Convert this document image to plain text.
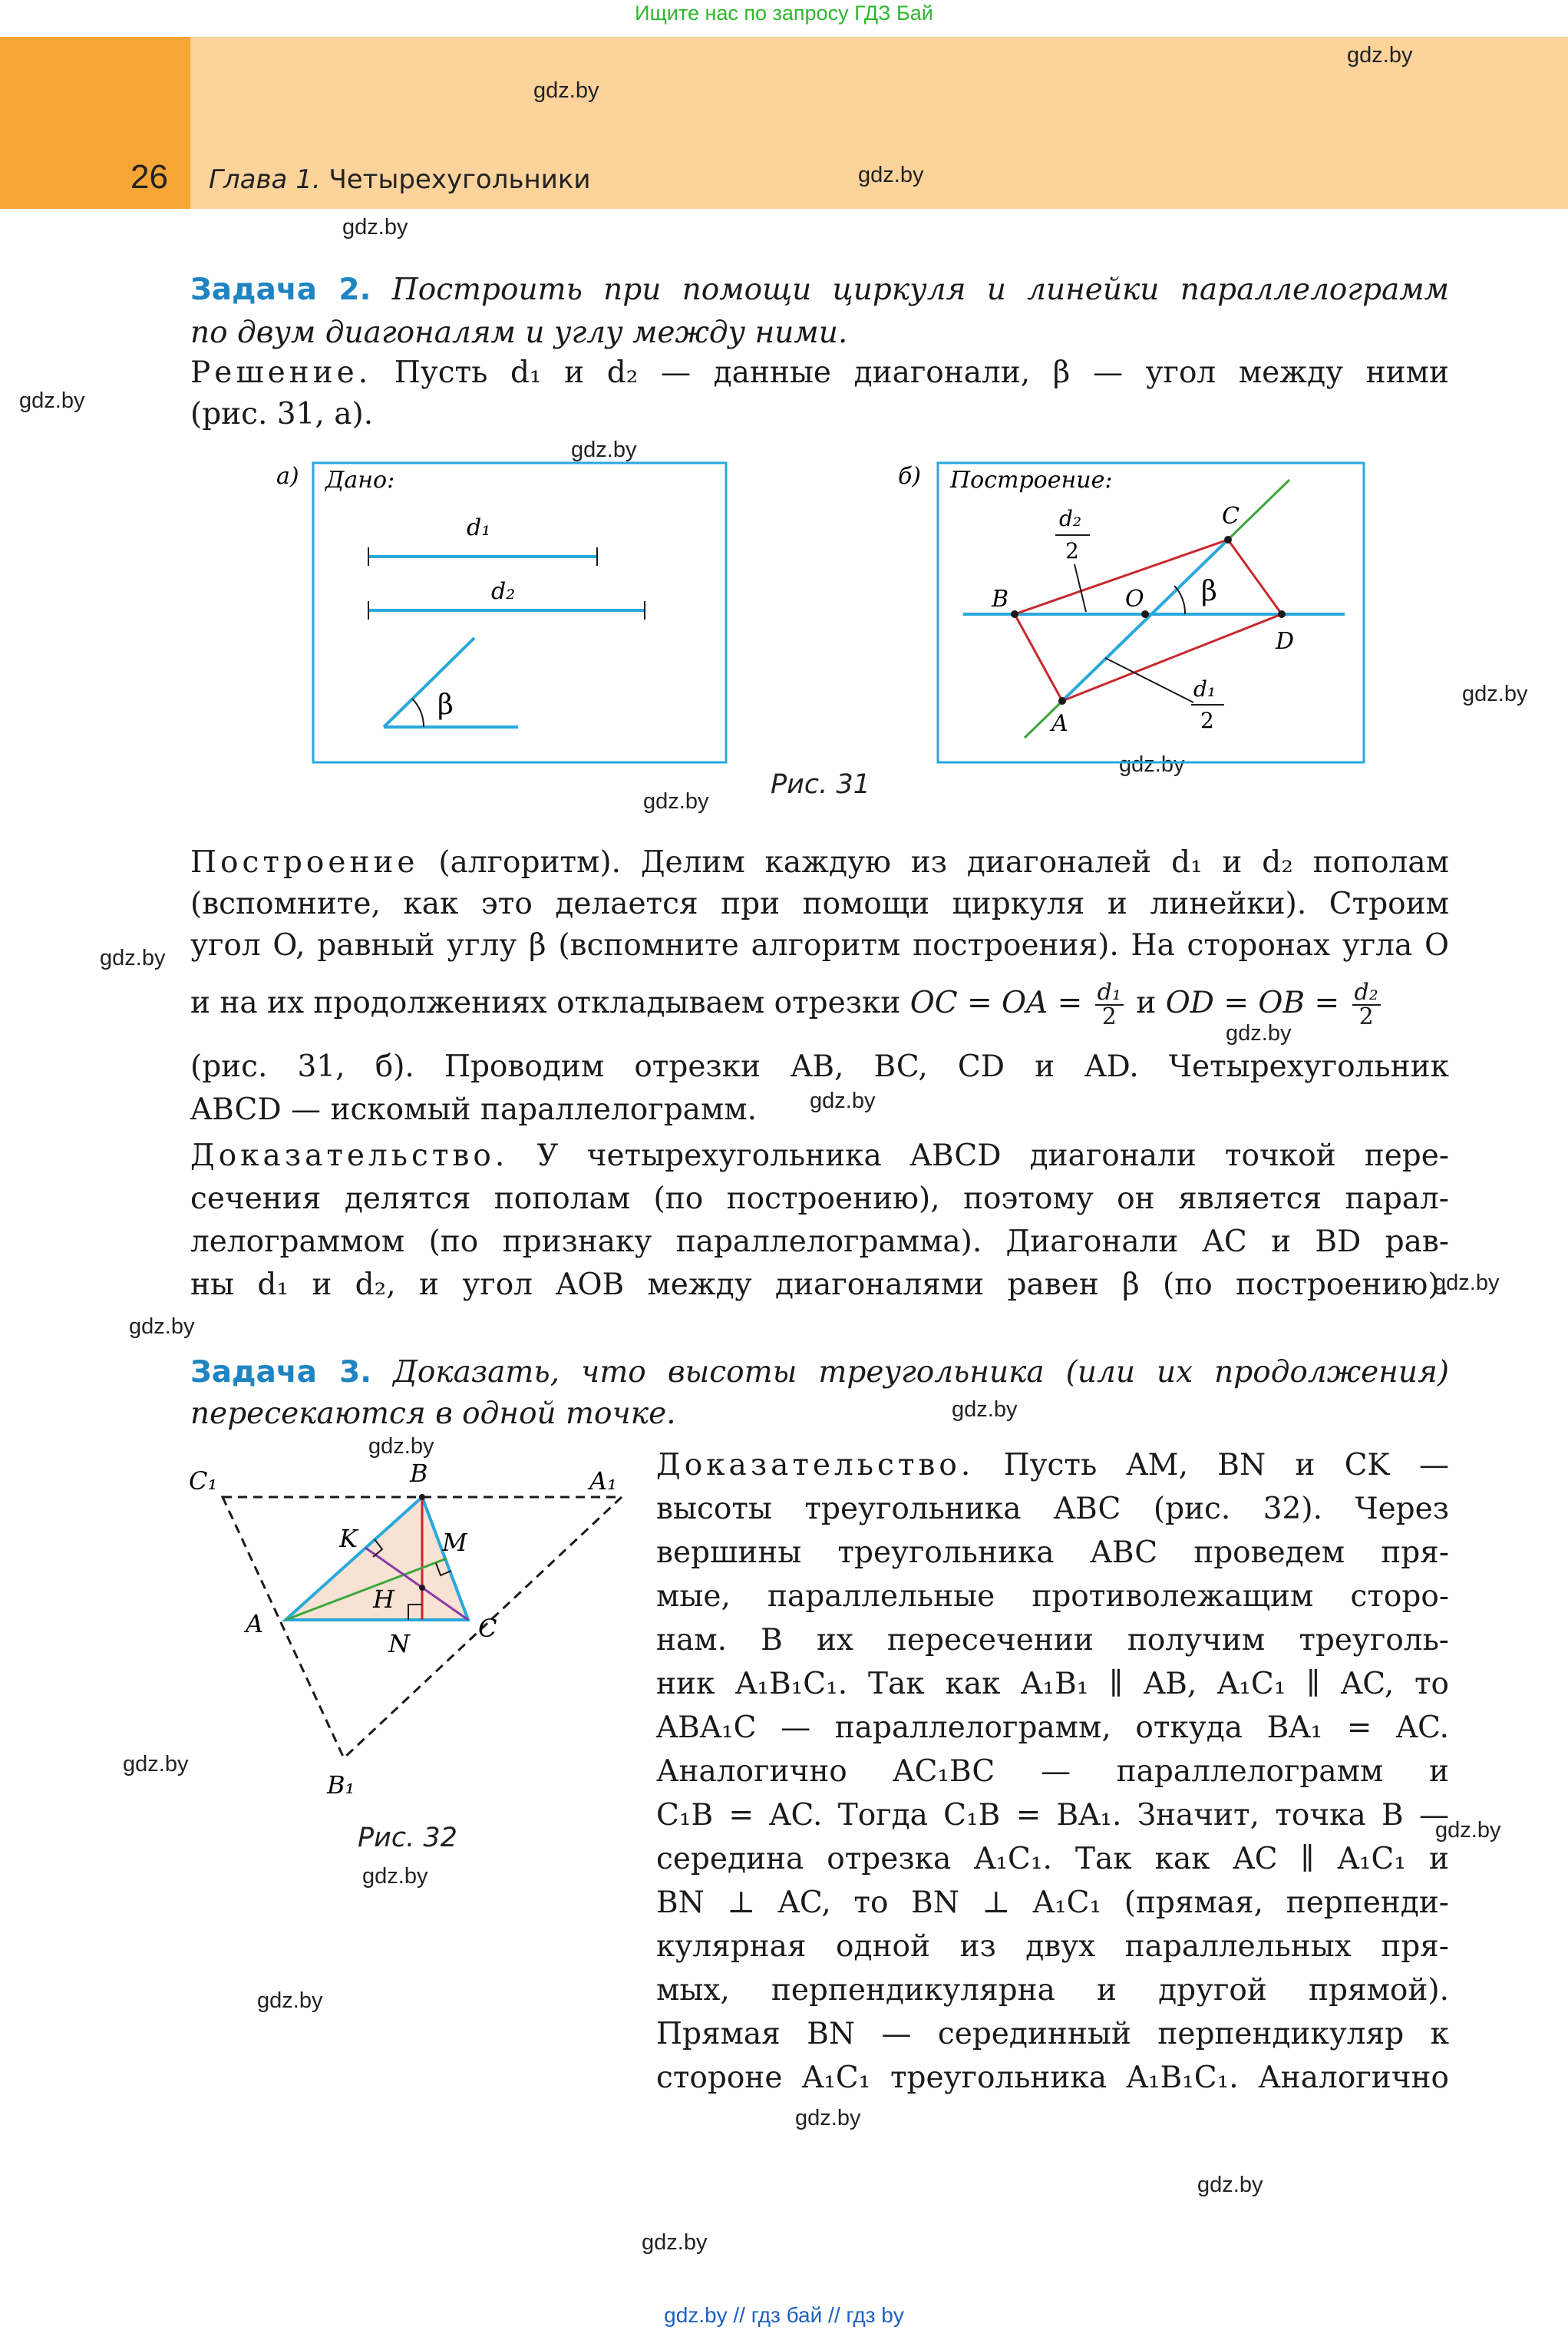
Ищите нас по запросу ГДЗ Бай
26 Глава 1. Четырехугольники
gdz.by
gdz.by
gdz.by
gdz.by
gdz.by
gdz.by
gdz.by
gdz.by
gdz.by
gdz.by
gdz.by
gdz.by
gdz.by
gdz.by
gdz.by
gdz.by
gdz.by
gdz.by
gdz.by
gdz.by
gdz.by
gdz.by
gdz.by
Задача 2. Построить при помощи циркуля и линейки параллелограмм
по двум диагоналям и углу между ними.
Решение. Пусть d₁ и d₂ — данные диагонали, β — угол между ними
(рис. 31, а).
а) Дано:
d₁
d₂
β
б) Построение:
β
B	O
C
D
A
d₂
2
d₁
2
Рис. 31
Построение (алгоритм). Делим каждую из диагоналей d₁ и d₂ пополам
(вспомните, как это делается при помощи циркуля и линейки). Строим
угол O, равный углу β (вспомните алгоритм построения). На сторонах угла O
и на их продолжениях откладываем отрезки OC = OA = $\frac{\text{d₁}}{2}$ и OD = OB = $\frac{\text{d₂}}{2}$
(рис. 31, б). Проводим отрезки AB, BC, CD и AD. Четырехугольник
ABCD — искомый параллелограмм.
Доказательство. У четырехугольника ABCD диагонали точкой пере-
сечения делятся пополам (по построению), поэтому он является парал-
лелограммом (по признаку параллелограмма). Диагонали AC и BD рав-
ны d₁ и d₂, и угол AOB между диагоналями равен β (по построению).
Задача 3. Доказать, что высоты треугольника (или их продолжения)
пересекаются в одной точке.
C₁	B	A₁
K	M
H
A
N
C
B₁
Рис. 32
Доказательство. Пусть AM, BN и CK —
высоты треугольника ABC (рис. 32). Через
вершины треугольника ABC проведем пря-
мые, параллельные противолежащим сторо-
нам. В их пересечении получим треуголь-
ник A₁B₁C₁. Так как A₁B₁ ∥ AB, A₁C₁ ∥ AC, то
ABA₁C — параллелограмм, откуда BA₁ = AC.
Аналогично AC₁BC — параллелограмм и
C₁B = AC. Тогда C₁B = BA₁. Значит, точка B —
середина отрезка A₁C₁. Так как AC ∥ A₁C₁ и
BN ⊥ AC, то BN ⊥ A₁C₁ (прямая, перпенди-
кулярная одной из двух параллельных пря-
мых, перпендикулярна и другой прямой).
Прямая BN — серединный перпендикуляр к
стороне A₁C₁ треугольника A₁B₁C₁. Аналогично
gdz.by // гдз бай // гдз by
